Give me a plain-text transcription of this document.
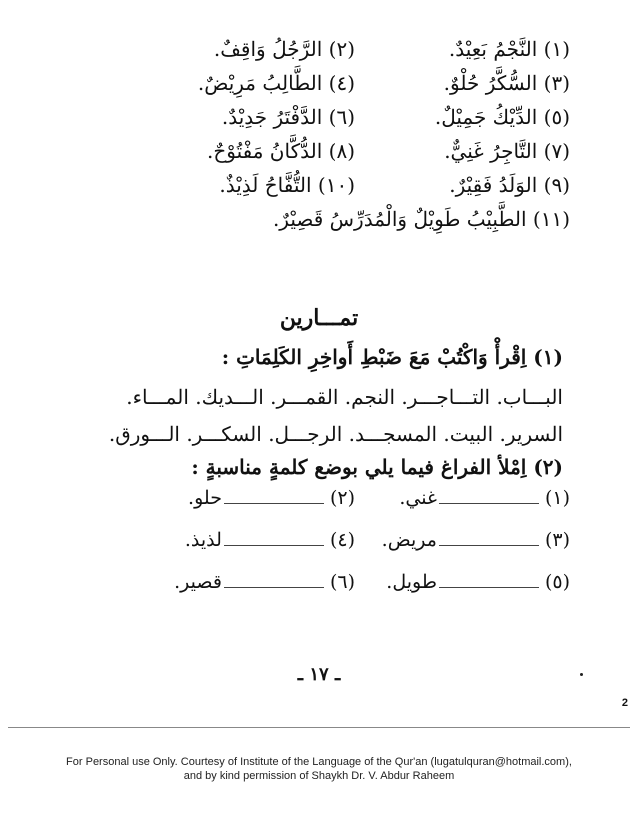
(١) النَّجْمُ بَعِيْدٌ.
(٢) الرَّجُلُ وَاقِفٌ.
(٣) السُّكَّرُ حُلْوٌ.
(٤) الطَّالِبُ مَرِيْضٌ.
(٥) الدِّيْكُ جَمِيْلٌ.
(٦) الدَّفْتَرُ جَدِيْدٌ.
(٧) التَّاجِرُ غَنِيٌّ.
(٨) الدُّكَّانُ مَفْتُوْحٌ.
(٩) الوَلَدُ فَقِيْرٌ.
(١٠) التُّفَّاحُ لَذِيْذٌ.
(١١) الطَّبِيْبُ طَوِيْلٌ وَالْمُدَرِّسُ قَصِيْرٌ.
تمـــارين
(١) اِقْرأْ وَاكْتُبْ مَعَ ضَبْطِ أَواخِرِ الكَلِمَاتِ :
البـــاب. التـــاجـــر. النجم. القمـــر. الـــديك. المـــاء.
السرير. البيت. المسجـــد. الرجـــل. السكـــر. الـــورق.
(٢) اِمْلأ الفراغ فيما يلي بوضع كلمةٍ مناسبةٍ :
(١)
غني.
(٢)
حلو.
(٣)
مريض.
(٤)
لذيذ.
(٥)
طويل.
(٦)
قصير.
ـ ١٧ ـ
2
For Personal use Only. Courtesy of Institute of the Language of the Qur'an (lugatulquran@hotmail.com),
and by kind permission of Shaykh Dr. V. Abdur Raheem
